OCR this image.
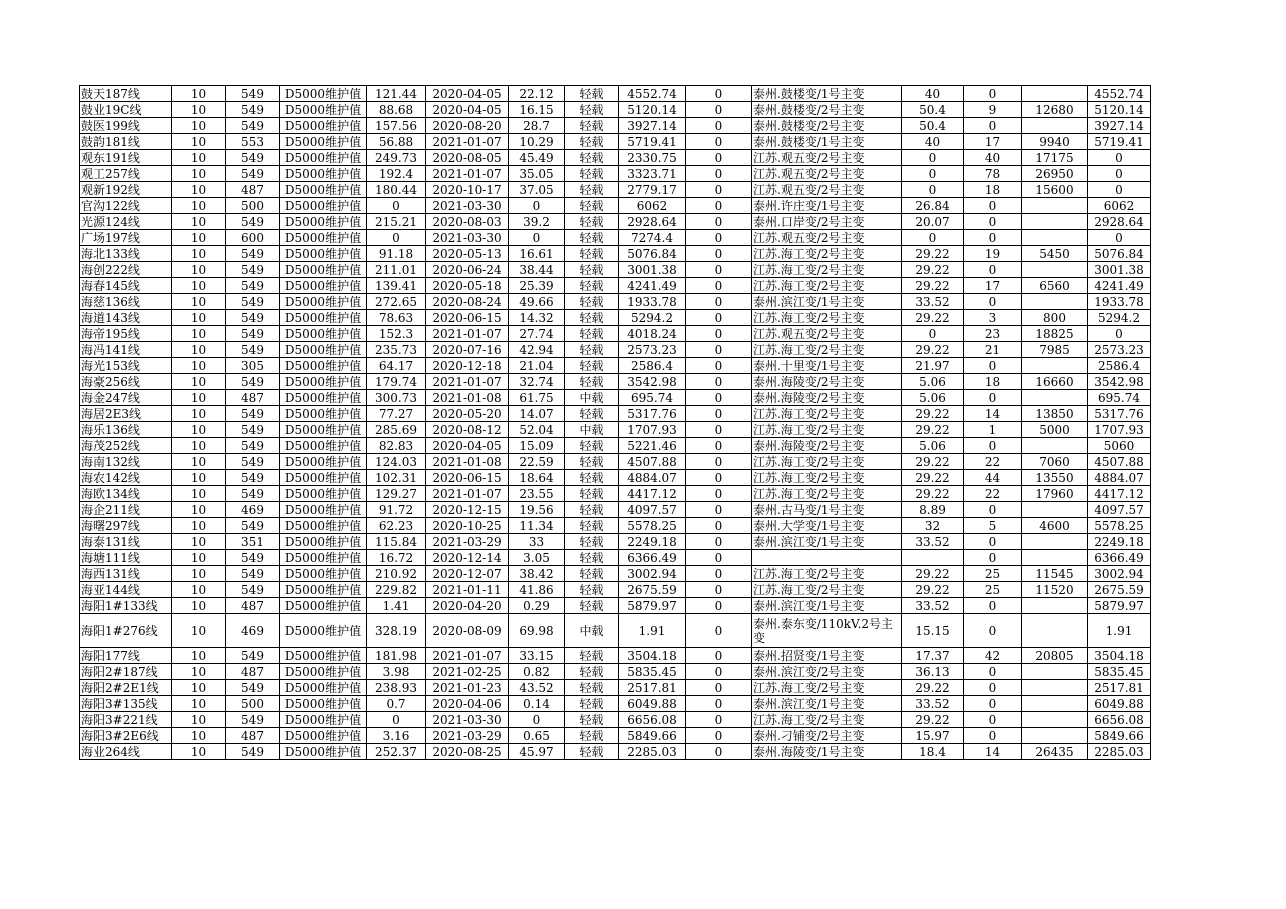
鼓天187线	10	549	D5000维护值	121.44	2020-04-05	22.12	轻载	4552.74	0	泰州.鼓楼变/1号主变	40	0		4552.74
鼓业19C线	10	549	D5000维护值	88.68	2020-04-05	16.15	轻载	5120.14	0	泰州.鼓楼变/2号主变	50.4	9	12680	5120.14
鼓医199线	10	549	D5000维护值	157.56	2020-08-20	28.7	轻载	3927.14	0	泰州.鼓楼变/2号主变	50.4	0		3927.14
鼓韵181线	10	553	D5000维护值	56.88	2021-01-07	10.29	轻载	5719.41	0	泰州.鼓楼变/1号主变	40	17	9940	5719.41
观东191线	10	549	D5000维护值	249.73	2020-08-05	45.49	轻载	2330.75	0	江苏.观五变/2号主变	0	40	17175	0
观工257线	10	549	D5000维护值	192.4	2021-01-07	35.05	轻载	3323.71	0	江苏.观五变/2号主变	0	78	26950	0
观新192线	10	487	D5000维护值	180.44	2020-10-17	37.05	轻载	2779.17	0	江苏.观五变/2号主变	0	18	15600	0
官沟122线	10	500	D5000维护值	0	2021-03-30	0	轻载	6062	0	泰州.许庄变/1号主变	26.84	0		6062
光源124线	10	549	D5000维护值	215.21	2020-08-03	39.2	轻载	2928.64	0	泰州.口岸变/2号主变	20.07	0		2928.64
广场197线	10	600	D5000维护值	0	2021-03-30	0	轻载	7274.4	0	江苏.观五变/2号主变	0	0		0
海北133线	10	549	D5000维护值	91.18	2020-05-13	16.61	轻载	5076.84	0	江苏.海工变/2号主变	29.22	19	5450	5076.84
海创222线	10	549	D5000维护值	211.01	2020-06-24	38.44	轻载	3001.38	0	江苏.海工变/2号主变	29.22	0		3001.38
海春145线	10	549	D5000维护值	139.41	2020-05-18	25.39	轻载	4241.49	0	江苏.海工变/2号主变	29.22	17	6560	4241.49
海慈136线	10	549	D5000维护值	272.65	2020-08-24	49.66	轻载	1933.78	0	泰州.滨江变/1号主变	33.52	0		1933.78
海道143线	10	549	D5000维护值	78.63	2020-06-15	14.32	轻载	5294.2	0	江苏.海工变/2号主变	29.22	3	800	5294.2
海帝195线	10	549	D5000维护值	152.3	2021-01-07	27.74	轻载	4018.24	0	江苏.观五变/2号主变	0	23	18825	0
海冯141线	10	549	D5000维护值	235.73	2020-07-16	42.94	轻载	2573.23	0	江苏.海工变/2号主变	29.22	21	7985	2573.23
海光153线	10	305	D5000维护值	64.17	2020-12-18	21.04	轻载	2586.4	0	泰州.十里变/1号主变	21.97	0		2586.4
海豪256线	10	549	D5000维护值	179.74	2021-01-07	32.74	轻载	3542.98	0	泰州.海陵变/2号主变	5.06	18	16660	3542.98
海金247线	10	487	D5000维护值	300.73	2021-01-08	61.75	中载	695.74	0	泰州.海陵变/2号主变	5.06	0		695.74
海居2E3线	10	549	D5000维护值	77.27	2020-05-20	14.07	轻载	5317.76	0	江苏.海工变/2号主变	29.22	14	13850	5317.76
海乐136线	10	549	D5000维护值	285.69	2020-08-12	52.04	中载	1707.93	0	江苏.海工变/2号主变	29.22	1	5000	1707.93
海茂252线	10	549	D5000维护值	82.83	2020-04-05	15.09	轻载	5221.46	0	泰州.海陵变/2号主变	5.06	0		5060
海南132线	10	549	D5000维护值	124.03	2021-01-08	22.59	轻载	4507.88	0	江苏.海工变/2号主变	29.22	22	7060	4507.88
海农142线	10	549	D5000维护值	102.31	2020-06-15	18.64	轻载	4884.07	0	江苏.海工变/2号主变	29.22	44	13550	4884.07
海欧134线	10	549	D5000维护值	129.27	2021-01-07	23.55	轻载	4417.12	0	江苏.海工变/2号主变	29.22	22	17960	4417.12
海企211线	10	469	D5000维护值	91.72	2020-12-15	19.56	轻载	4097.57	0	泰州.古马变/1号主变	8.89	0		4097.57
海曙297线	10	549	D5000维护值	62.23	2020-10-25	11.34	轻载	5578.25	0	泰州.大学变/1号主变	32	5	4600	5578.25
海泰131线	10	351	D5000维护值	115.84	2021-03-29	33	轻载	2249.18	0	泰州.滨江变/1号主变	33.52	0		2249.18
海塘111线	10	549	D5000维护值	16.72	2020-12-14	3.05	轻载	6366.49	0			0		6366.49
海西131线	10	549	D5000维护值	210.92	2020-12-07	38.42	轻载	3002.94	0	江苏.海工变/2号主变	29.22	25	11545	3002.94
海亚144线	10	549	D5000维护值	229.82	2021-01-11	41.86	轻载	2675.59	0	江苏.海工变/2号主变	29.22	25	11520	2675.59
海阳1#133线	10	487	D5000维护值	1.41	2020-04-20	0.29	轻载	5879.97	0	泰州.滨江变/1号主变	33.52	0		5879.97
海阳1#276线	10	469	D5000维护值	328.19	2020-08-09	69.98	中载	1.91	0	泰州.泰东变/110kV.2号主变	15.15	0		1.91
海阳177线	10	549	D5000维护值	181.98	2021-01-07	33.15	轻载	3504.18	0	泰州.招贤变/1号主变	17.37	42	20805	3504.18
海阳2#187线	10	487	D5000维护值	3.98	2021-02-25	0.82	轻载	5835.45	0	泰州.滨江变/2号主变	36.13	0		5835.45
海阳2#2E1线	10	549	D5000维护值	238.93	2021-01-23	43.52	轻载	2517.81	0	江苏.海工变/2号主变	29.22	0		2517.81
海阳3#135线	10	500	D5000维护值	0.7	2020-04-06	0.14	轻载	6049.88	0	泰州.滨江变/1号主变	33.52	0		6049.88
海阳3#221线	10	549	D5000维护值	0	2021-03-30	0	轻载	6656.08	0	江苏.海工变/2号主变	29.22	0		6656.08
海阳3#2E6线	10	487	D5000维护值	3.16	2021-03-29	0.65	轻载	5849.66	0	泰州.刁铺变/2号主变	15.97	0		5849.66
海业264线	10	549	D5000维护值	252.37	2020-08-25	45.97	轻载	2285.03	0	泰州.海陵变/1号主变	18.4	14	26435	2285.03
